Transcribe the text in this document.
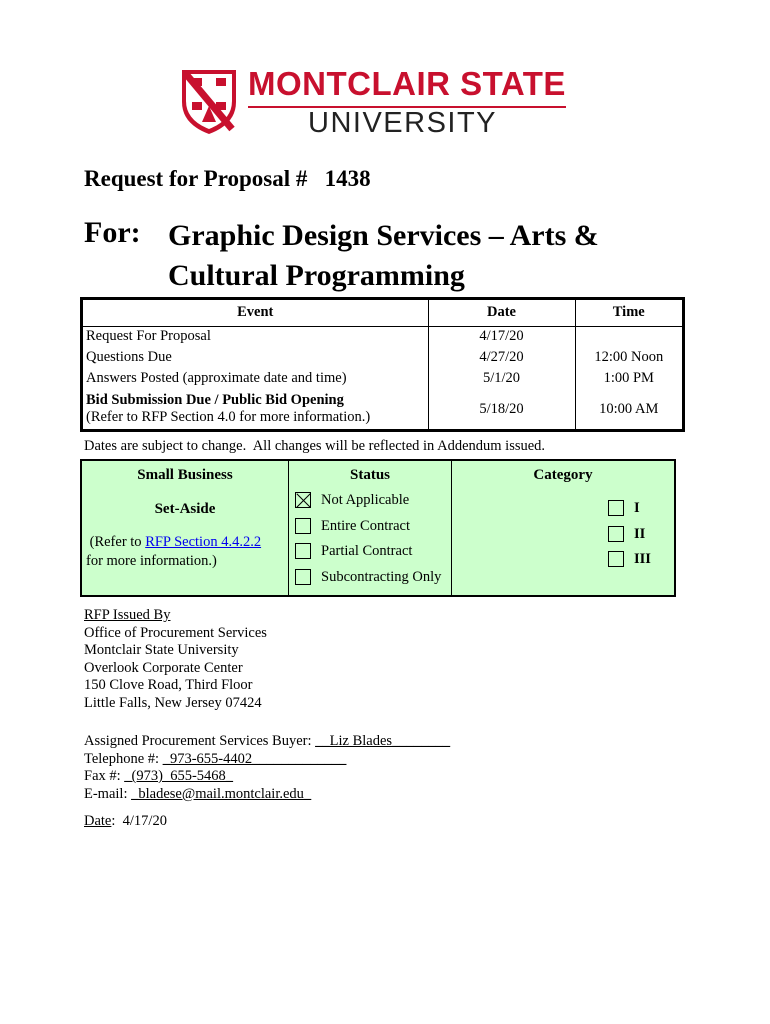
MONTCLAIR STATE
UNIVERSITY
Request for Proposal #   1438
For: Graphic Design Services – Arts & Cultural Programming
Event	Date	Time
Request For Proposal	4/17/20	
Questions Due	4/27/20	12:00 Noon
Answers Posted (approximate date and time)	5/1/20	1:00 PM

Bid Submission Due / Public Bid Opening
(Refer to RFP Section 4.0 for more information.)	5/18/20	10:00 AM
Dates are subject to change.  All changes will be reflected in Addendum issued.
Small Business
Set-Aside
(Refer to RFP Section 4.4.2.2
for more information.)
Status
Not Applicable
Entire Contract
Partial Contract
Subcontracting Only
Category
I
II
III
RFP Issued By
Office of Procurement Services
Montclair State University
Overlook Corporate Center
150 Clove Road, Third Floor
Little Falls, New Jersey 07424
Assigned Procurement Services Buyer: __Liz Blades________
Telephone #: _973-655-4402_____________
Fax #: _(973)  655-5468_
E-mail: _bladese@mail.montclair.edu_
Date:  4/17/20
